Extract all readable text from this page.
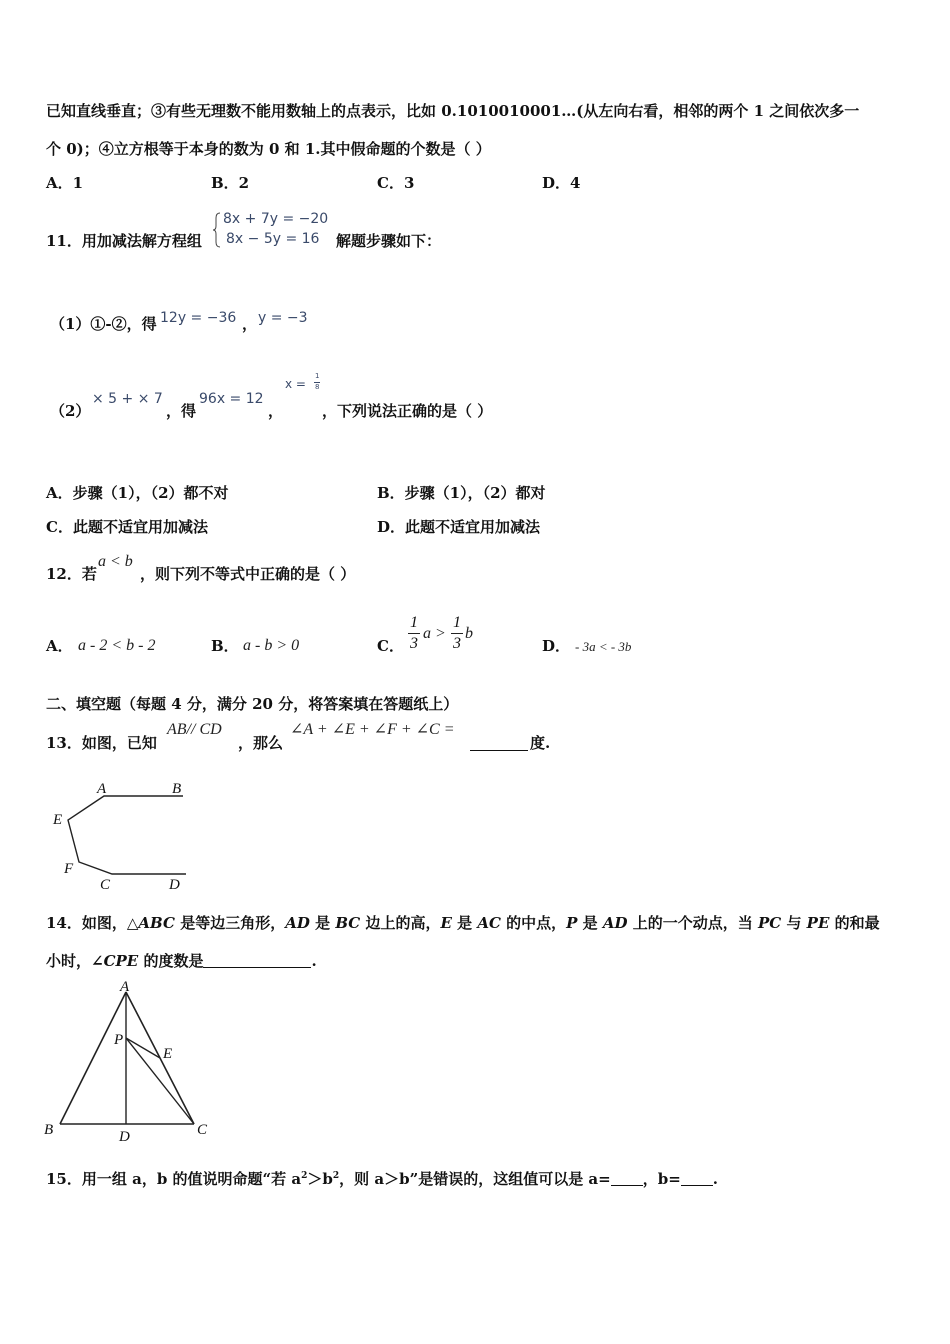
已知直线垂直；③有些无理数不能用数轴上的点表示，比如 0.1010010001…(从左向右看，相邻的两个 1 之间依次多一
个 0)；④立方根等于本身的数为 0 和 1.其中假命题的个数是（ ）
A．1	B．2	C．3	D．4
11．用加减法解方程组
8x + 7y = −20
8x − 5y = 16 解题步骤如下：
（1）①-②，得 12y = −36 ， y = −3
（2）
× 5 + × 7
，得
96x = 12
，
x =
1
8
，下列说法正确的是（ ）
A．步骤（1），（2）都不对	B．步骤（1），（2）都对
C．此题不适宜用加减法	D．此题不适宜用加减法
12．若
a < b
，则下列不等式中正确的是（ ）
A． a - 2 < b - 2	B． a - b > 0	C．
1
3
a >
1
3
b
D． - 3a < - 3b
二、填空题（每题 4 分，满分 20 分，将答案填在答题纸上）
13．如图，已知
AB// CD
，那么
∠A + ∠E + ∠F + ∠C =
度.
A	B
E
F
C	D
14．如图，△ABC 是等边三角形，AD 是 BC 边上的高，E 是 AC 的中点，P 是 AD 上的一个动点，当 PC 与 PE 的和最
小时，∠CPE 的度数是	.
A
P
E
B	D	C
15．用一组 a，b 的值说明命题“若 $a^2>b^2$，则 a＞b”是错误的，这组值可以是 a= ，b= .
